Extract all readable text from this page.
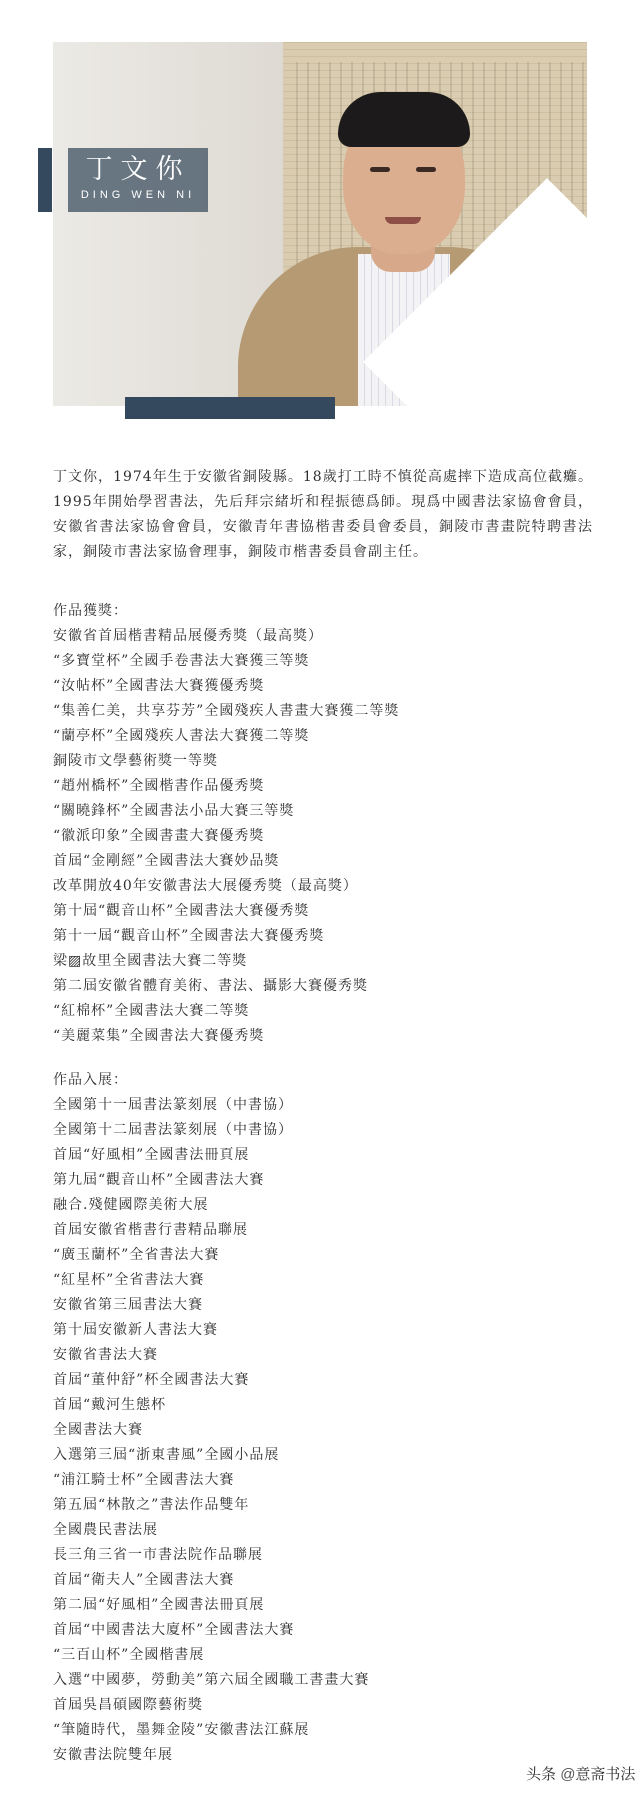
丁文你
DING WEN NI

丁文你，1974年生于安徽省銅陵縣。18歲打工時不慎從高處摔下造成高位截癱。1995年開始學習書法，先后拜宗緒圻和程振德爲師。現爲中國書法家協會會員，安徽省書法家協會會員，安徽青年書協楷書委員會委員，銅陵市書畫院特聘書法家，銅陵市書法家協會理事，銅陵市楷書委員會副主任。

作品獲獎：
安徽省首屆楷書精品展優秀獎（最高獎）
“多寶堂杯”全國手卷書法大賽獲三等獎
“汝帖杯”全國書法大賽獲優秀獎
“集善仁美，共享芬芳”全國殘疾人書畫大賽獲二等獎
“蘭亭杯”全國殘疾人書法大賽獲二等獎
銅陵市文學藝術獎一等獎
“趙州橋杯”全國楷書作品優秀獎
“關曉鋒杯”全國書法小品大賽三等獎
“徽派印象”全國書畫大賽優秀獎
首屆“金剛經”全國書法大賽妙品獎
改革開放40年安徽書法大展優秀獎（最高獎）
第十屆“觀音山杯”全國書法大賽優秀獎
第十一屆“觀音山杯”全國書法大賽優秀獎
梁▨故里全國書法大賽二等獎
第二屆安徽省體育美術、書法、攝影大賽優秀獎
“紅棉杯”全國書法大賽二等獎
“美麗菜集”全國書法大賽優秀獎
作品入展：
全國第十一屆書法篆刻展（中書協）
全國第十二屆書法篆刻展（中書協）
首屆“好風相”全國書法冊頁展
第九屆“觀音山杯”全國書法大賽
融合.殘健國際美術大展
首屆安徽省楷書行書精品聯展
“廣玉蘭杯”全省書法大賽
“紅星杯”全省書法大賽
安徽省第三屆書法大賽
第十屆安徽新人書法大賽
安徽省書法大賽
首屆“董仲舒”杯全國書法大賽
首屆“戴河生態杯
全國書法大賽
入選第三屆“浙東書風”全國小品展
“浦江騎士杯”全國書法大賽
第五屆“林散之”書法作品雙年
全國農民書法展
長三角三省一市書法院作品聯展
首屆“衛夫人”全國書法大賽
第二屆“好風相”全國書法冊頁展
首屆“中國書法大廈杯”全國書法大賽
“三百山杯”全國楷書展
入選“中國夢，勞動美”第六屆全國職工書畫大賽
首屆吳昌碩國際藝術獎
“筆隨時代，墨舞金陵”安徽書法江蘇展
安徽書法院雙年展
头条 @意斋书法
